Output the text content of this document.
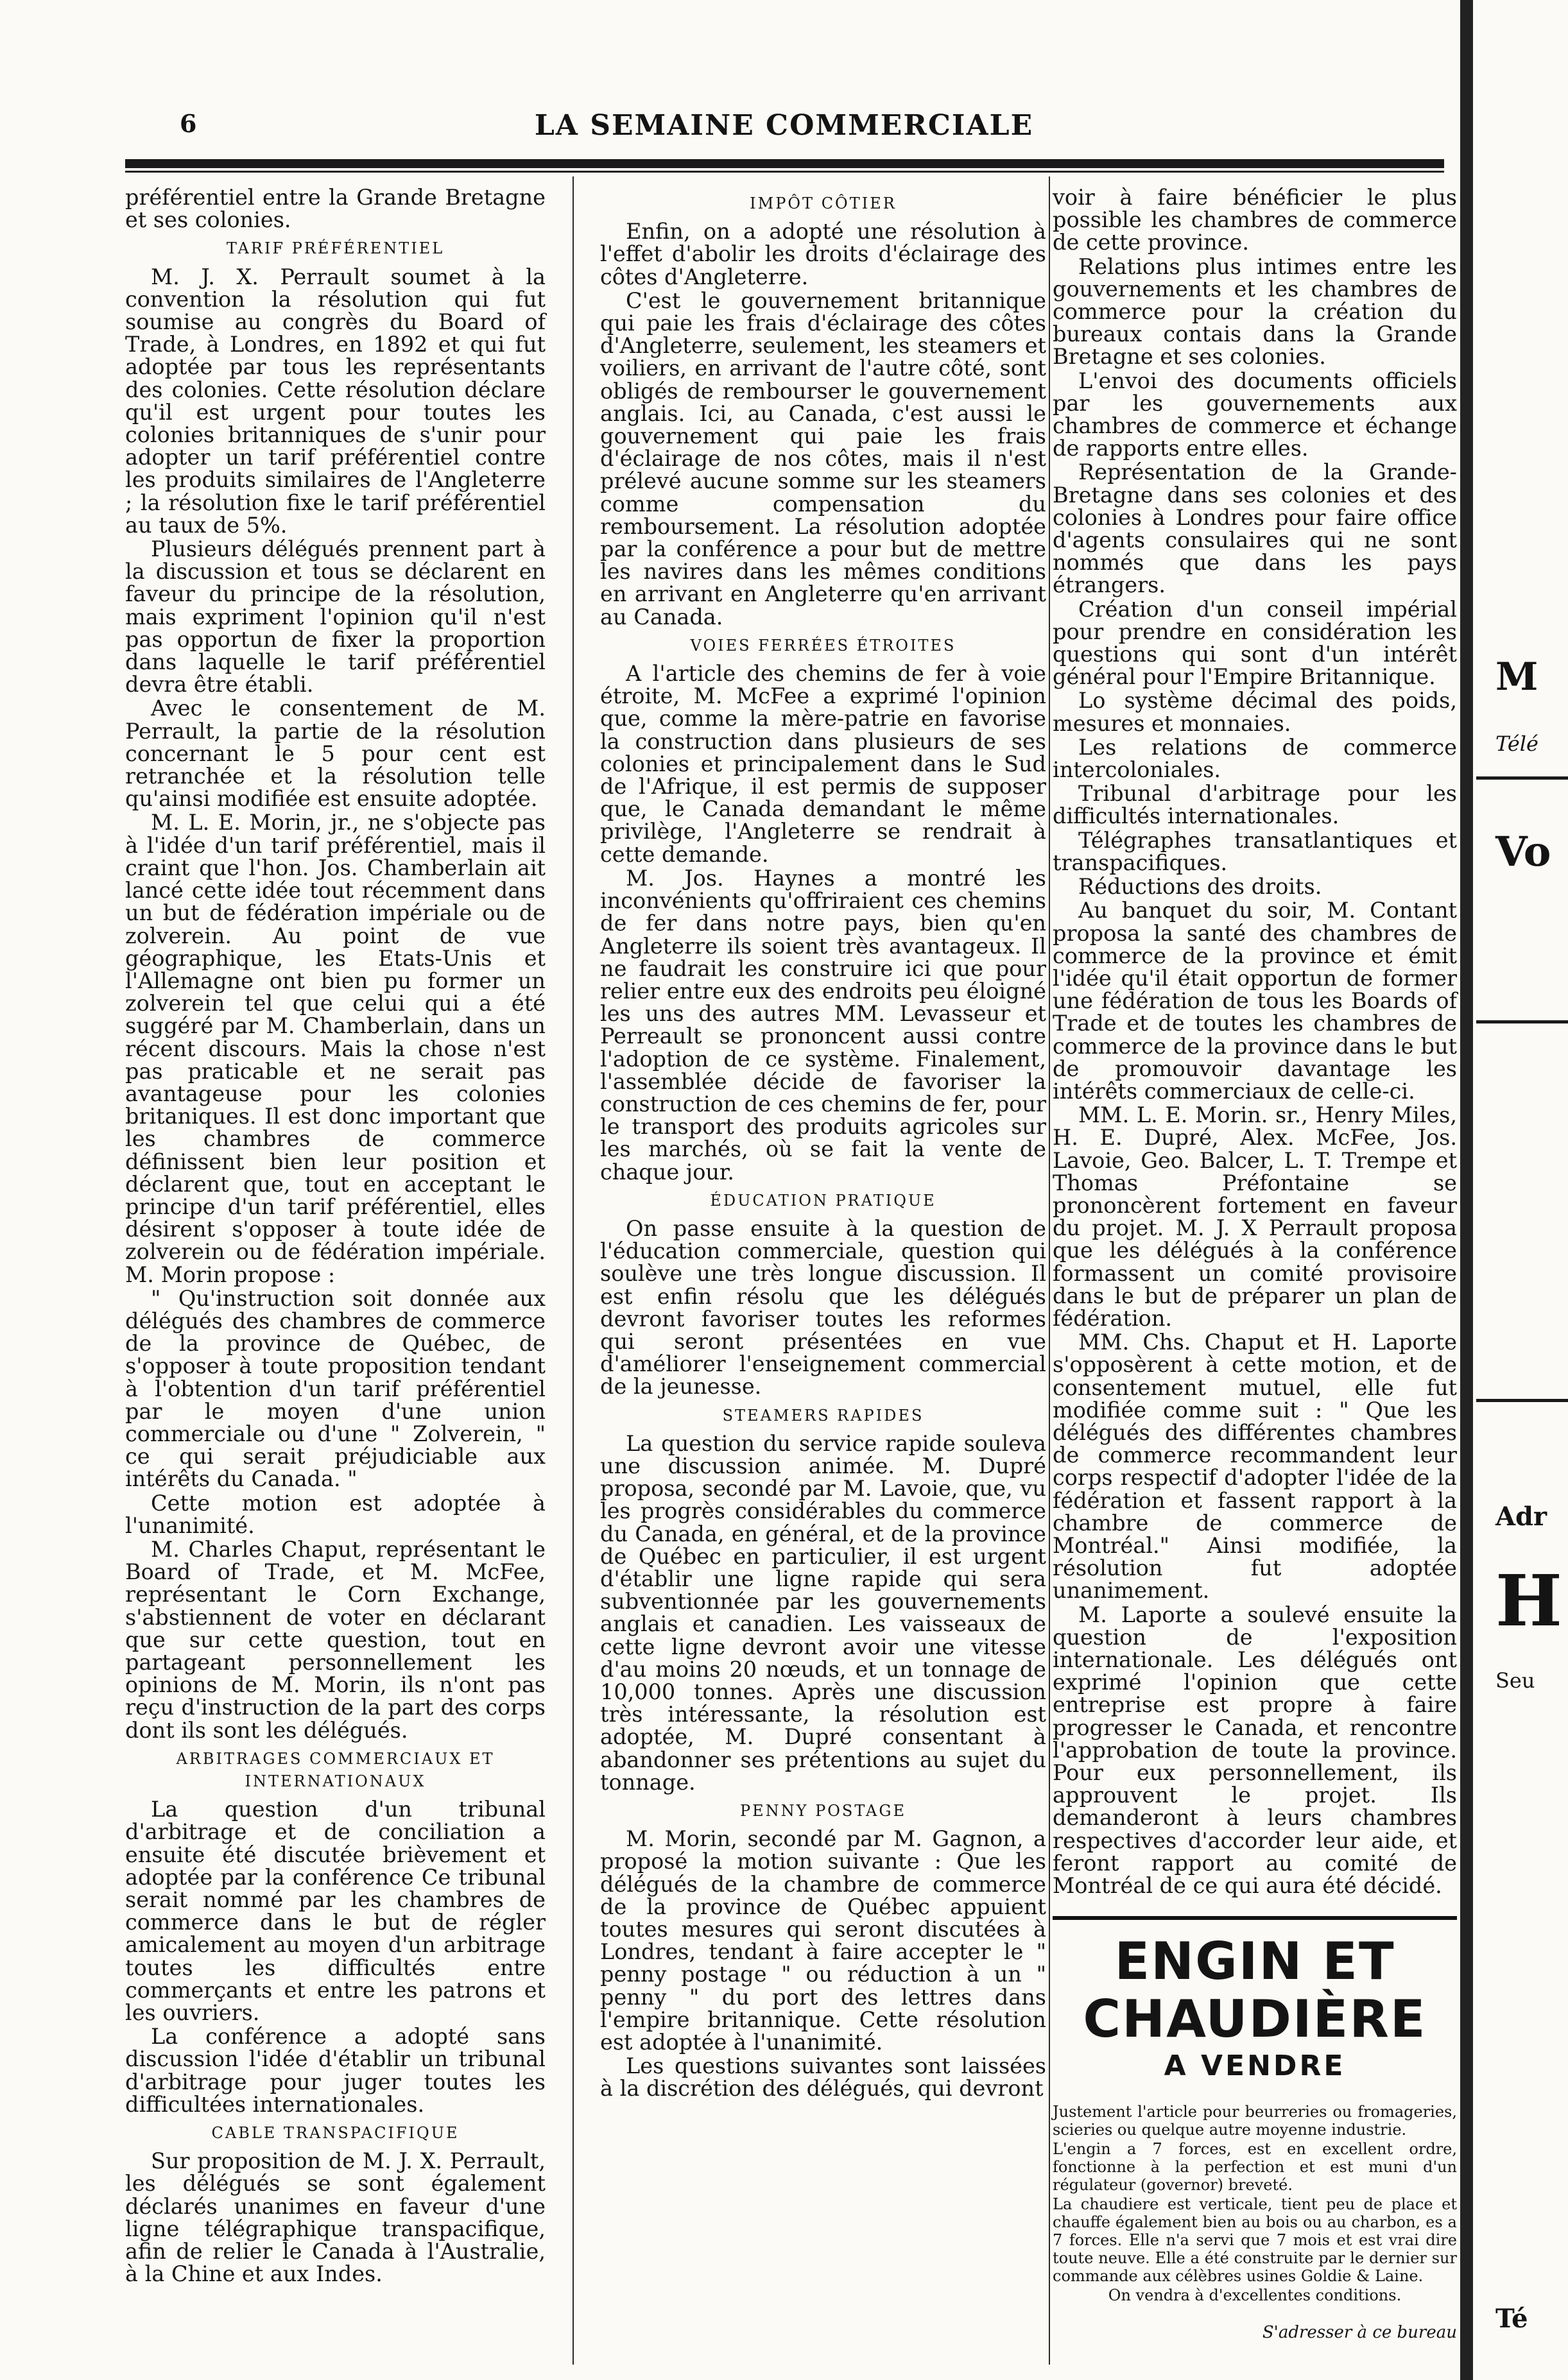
6	LA SEMAINE COMMERCIALE

préférentiel entre la Grande Bretagne et ses colonies.

TARIF PRÉFÉRENTIEL

M. J. X. Perrault soumet à la convention la résolution qui fut soumise au congrès du Board of Trade, à Londres, en 1892 et qui fut adoptée par tous les représentants des colonies. Cette résolution déclare qu'il est urgent pour toutes les colonies britanniques de s'unir pour adopter un tarif préférentiel contre les produits similaires de l'Angleterre ; la résolution fixe le tarif préférentiel au taux de 5%.

Plusieurs délégués prennent part à la discussion et tous se déclarent en faveur du principe de la résolution, mais expriment l'opinion qu'il n'est pas opportun de fixer la proportion dans laquelle le tarif préférentiel devra être établi.

Avec le consentement de M. Perrault, la partie de la résolution concernant le 5 pour cent est retranchée et la résolution telle qu'ainsi modifiée est ensuite adoptée.

M. L. E. Morin, jr., ne s'objecte pas à l'idée d'un tarif préférentiel, mais il craint que l'hon. Jos. Chamberlain ait lancé cette idée tout récemment dans un but de fédération impériale ou de zolverein. Au point de vue géographique, les Etats-Unis et l'Allemagne ont bien pu former un zolverein tel que celui qui a été suggéré par M. Chamberlain, dans un récent discours. Mais la chose n'est pas praticable et ne serait pas avantageuse pour les colonies britaniques. Il est donc important que les chambres de commerce définissent bien leur position et déclarent que, tout en acceptant le principe d'un tarif préférentiel, elles désirent s'opposer à toute idée de zolverein ou de fédération impériale. M. Morin propose :

" Qu'instruction soit donnée aux délégués des chambres de commerce de la province de Québec, de s'opposer à toute proposition tendant à l'obtention d'un tarif préférentiel par le moyen d'une union commerciale ou d'une " Zolverein, " ce qui serait préjudiciable aux intérêts du Canada. "

Cette motion est adoptée à l'unanimité.

M. Charles Chaput, représentant le Board of Trade, et M. McFee, représentant le Corn Exchange, s'abstiennent de voter en déclarant que sur cette question, tout en partageant personnellement les opinions de M. Morin, ils n'ont pas reçu d'instruction de la part des corps dont ils sont les délégués.

ARBITRAGES COMMERCIAUX ET INTERNATIONAUX

La question d'un tribunal d'arbitrage et de conciliation a ensuite été discutée brièvement et adoptée par la conférence Ce tribunal serait nommé par les chambres de commerce dans le but de régler amicalement au moyen d'un arbitrage toutes les difficultés entre commerçants et entre les patrons et les ouvriers.

La conférence a adopté sans discussion l'idée d'établir un tribunal d'arbitrage pour juger toutes les difficultées internationales.

CABLE TRANSPACIFIQUE

Sur proposition de M. J. X. Perrault, les délégués se sont également déclarés unanimes en faveur d'une ligne télégraphique transpacifique, afin de relier le Canada à l'Australie, à la Chine et aux Indes.

IMPÔT CÔTIER

Enfin, on a adopté une résolution à l'effet d'abolir les droits d'éclairage des côtes d'Angleterre.

C'est le gouvernement britannique qui paie les frais d'éclairage des côtes d'Angleterre, seulement, les steamers et voiliers, en arrivant de l'autre côté, sont obligés de rembourser le gouvernement anglais. Ici, au Canada, c'est aussi le gouvernement qui paie les frais d'éclairage de nos côtes, mais il n'est prélevé aucune somme sur les steamers comme compensation du remboursement. La résolution adoptée par la conférence a pour but de mettre les navires dans les mêmes conditions en arrivant en Angleterre qu'en arrivant au Canada.

VOIES FERRÉES ÉTROITES

A l'article des chemins de fer à voie étroite, M. McFee a exprimé l'opinion que, comme la mère-patrie en favorise la construction dans plusieurs de ses colonies et principalement dans le Sud de l'Afrique, il est permis de supposer que, le Canada demandant le même privilège, l'Angleterre se rendrait à cette demande.

M. Jos. Haynes a montré les inconvénients qu'offriraient ces chemins de fer dans notre pays, bien qu'en Angleterre ils soient très avantageux. Il ne faudrait les construire ici que pour relier entre eux des endroits peu éloigné les uns des autres MM. Levasseur et Perreault se prononcent aussi contre l'adoption de ce système. Finalement, l'assemblée décide de favoriser la construction de ces chemins de fer, pour le transport des produits agricoles sur les marchés, où se fait la vente de chaque jour.

ÉDUCATION PRATIQUE

On passe ensuite à la question de l'éducation commerciale, question qui soulève une très longue discussion. Il est enfin résolu que les délégués devront favoriser toutes les reformes qui seront présentées en vue d'améliorer l'enseignement commercial de la jeunesse.

STEAMERS RAPIDES

La question du service rapide souleva une discussion animée. M. Dupré proposa, secondé par M. Lavoie, que, vu les progrès considérables du commerce du Canada, en général, et de la province de Québec en particulier, il est urgent d'établir une ligne rapide qui sera subventionnée par les gouvernements anglais et canadien. Les vaisseaux de cette ligne devront avoir une vitesse d'au moins 20 nœuds, et un tonnage de 10,000 tonnes. Après une discussion très intéressante, la résolution est adoptée, M. Dupré consentant à abandonner ses prétentions au sujet du tonnage.

PENNY POSTAGE

M. Morin, secondé par M. Gagnon, a proposé la motion suivante : Que les délégués de la chambre de commerce de la province de Québec appuient toutes mesures qui seront discutées à Londres, tendant à faire accepter le " penny postage " ou réduction à un " penny " du port des lettres dans l'empire britannique. Cette résolution est adoptée à l'unanimité.

Les questions suivantes sont laissées à la discrétion des délégués, qui devront

voir à faire bénéficier le plus possible les chambres de commerce de cette province.

Relations plus intimes entre les gouvernements et les chambres de commerce pour la création du bureaux contais dans la Grande Bretagne et ses colonies.

L'envoi des documents officiels par les gouvernements aux chambres de commerce et échange de rapports entre elles.

Représentation de la Grande-Bretagne dans ses colonies et des colonies à Londres pour faire office d'agents consulaires qui ne sont nommés que dans les pays étrangers.

Création d'un conseil impérial pour prendre en considération les questions qui sont d'un intérêt général pour l'Empire Britannique.

Lo système décimal des poids, mesures et monnaies.

Les relations de commerce intercoloniales.

Tribunal d'arbitrage pour les difficultés internationales.

Télégraphes transatlantiques et transpacifiques.

Réductions des droits.

Au banquet du soir, M. Contant proposa la santé des chambres de commerce de la province et émit l'idée qu'il était opportun de former une fédération de tous les Boards of Trade et de toutes les chambres de commerce de la province dans le but de promouvoir davantage les intérêts commerciaux de celle-ci.

MM. L. E. Morin. sr., Henry Miles, H. E. Dupré, Alex. McFee, Jos. Lavoie, Geo. Balcer, L. T. Trempe et Thomas Préfontaine se prononcèrent fortement en faveur du projet. M. J. X Perrault proposa que les délégués à la conférence formassent un comité provisoire dans le but de préparer un plan de fédération.

MM. Chs. Chaput et H. Laporte s'opposèrent à cette motion, et de consentement mutuel, elle fut modifiée comme suit : " Que les délégués des différentes chambres de commerce recommandent leur corps respectif d'adopter l'idée de la fédération et fassent rapport à la chambre de commerce de Montréal." Ainsi modifiée, la résolution fut adoptée unanimement.

M. Laporte a soulevé ensuite la question de l'exposition internationale. Les délégués ont exprimé l'opinion que cette entreprise est propre à faire progresser le Canada, et rencontre l'approbation de toute la province. Pour eux personnellement, ils approuvent le projet. Ils demanderont à leurs chambres respectives d'accorder leur aide, et feront rapport au comité de Montréal de ce qui aura été décidé.

ENGIN ET CHAUDIÈRE
A VENDRE

Justement l'article pour beurreries ou fromageries, scieries ou quelque autre moyenne industrie.

L'engin a 7 forces, est en excellent ordre, fonctionne à la perfection et est muni d'un régulateur (governor) breveté.

La chaudiere est verticale, tient peu de place et chauffe également bien au bois ou au charbon, es a 7 forces. Elle n'a servi que 7 mois et est vrai dire toute neuve. Elle a été construite par le dernier sur commande aux célèbres usines Goldie & Laine.

On vendra à d'excellentes conditions.

S'adresser à ce bureau
M
Télé
Vo
Adr
H
Seu
Té
